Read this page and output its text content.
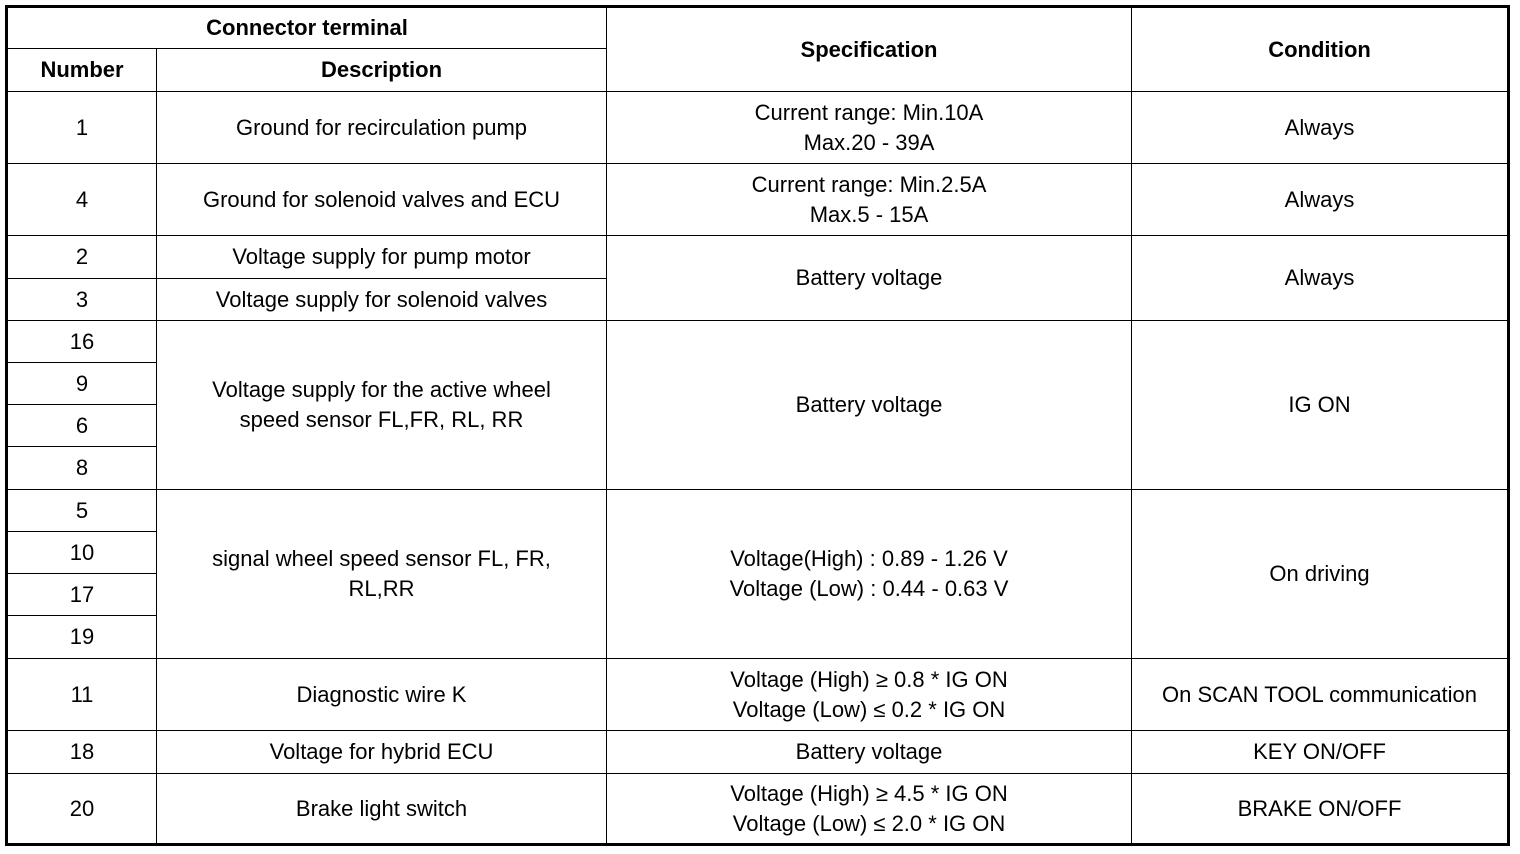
Connector terminal		Specification	Condition
Number	Description		
1	Ground for recirculation pump	Current range: Min.10A
Max.20 - 39A	Always
4	Ground for solenoid valves and ECU	Current range: Min.2.5A
Max.5 - 15A	Always
2	Voltage supply for pump motor	Battery voltage	Always
3	Voltage supply for solenoid valves		
16	Voltage supply for the active wheel
speed sensor FL,FR, RL, RR	Battery voltage	IG ON
9			
6			
8			
5	signal wheel speed sensor FL, FR,
RL,RR	Voltage(High) : 0.89 - 1.26 V
Voltage (Low) : 0.44 - 0.63 V	On driving
10			
17			
19			
11	Diagnostic wire K	Voltage (High) ≥ 0.8 * IG ON
Voltage (Low) ≤ 0.2 * IG ON	On SCAN TOOL communication
18	Voltage for hybrid ECU	Battery voltage	KEY ON/OFF
20	Brake light switch	Voltage (High) ≥ 4.5 * IG ON
Voltage (Low) ≤ 2.0 * IG ON	BRAKE ON/OFF
